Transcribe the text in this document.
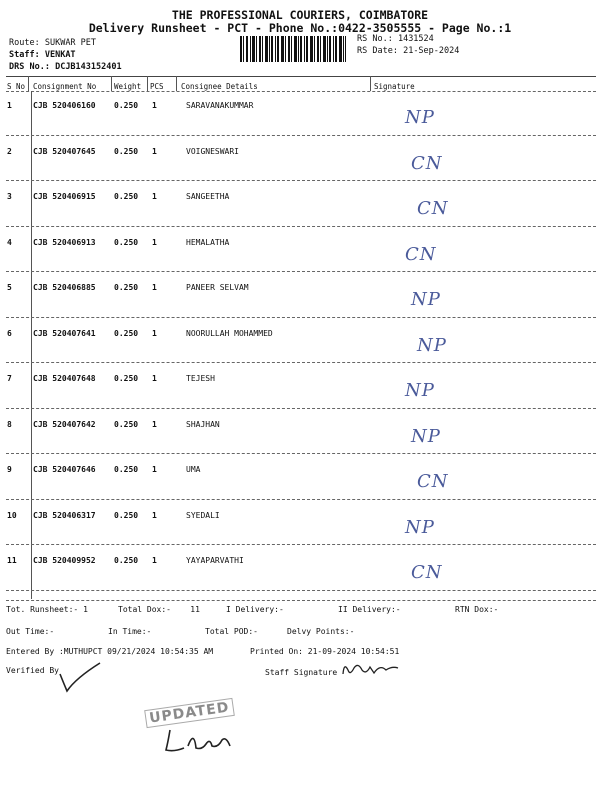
THE PROFESSIONAL COURIERS, COIMBATORE
Delivery Runsheet - PCT - Phone No.:0422-3505555 - Page No.:1
Route: SUKWAR PET
Staff: VENKAT
DRS No.: DCJB143152401
RS No.: 1431524
RS Date: 21-Sep-2024
S No Consignment No Weight PCS Consignee Details	Signature
1	CJB 520406160 0.250 1	SARAVANAKUMMAR
NP
2	CJB 520407645 0.250 1	VOIGNESWARI
CN
3	CJB 520406915 0.250 1	SANGEETHA
CN
4	CJB 520406913 0.250 1	HEMALATHA
CN
5	CJB 520406885 0.250 1	PANEER SELVAM
NP
6	CJB 520407641 0.250 1	NOORULLAH MOHAMMED
NP
7	CJB 520407648 0.250 1	TEJESH
NP
8	CJB 520407642 0.250 1	SHAJHAN
NP
9	CJB 520407646 0.250 1	UMA
CN
10 CJB 520406317 0.250 1	SYEDALI
NP
11 CJB 520409952 0.250 1	YAYAPARVATHI
CN
Tot. Runsheet:- 1	Total Dox:- 11	I Delivery:-	II Delivery:-	RTN Dox:-
Out Time:-	In Time:-	Total POD:-	Delvy Points:-
Entered By :MUTHUPCT 09/21/2024 10:54:35 AM	Printed On: 21-09-2024 10:54:51
Verified By	Staff Signature
UPDATED
